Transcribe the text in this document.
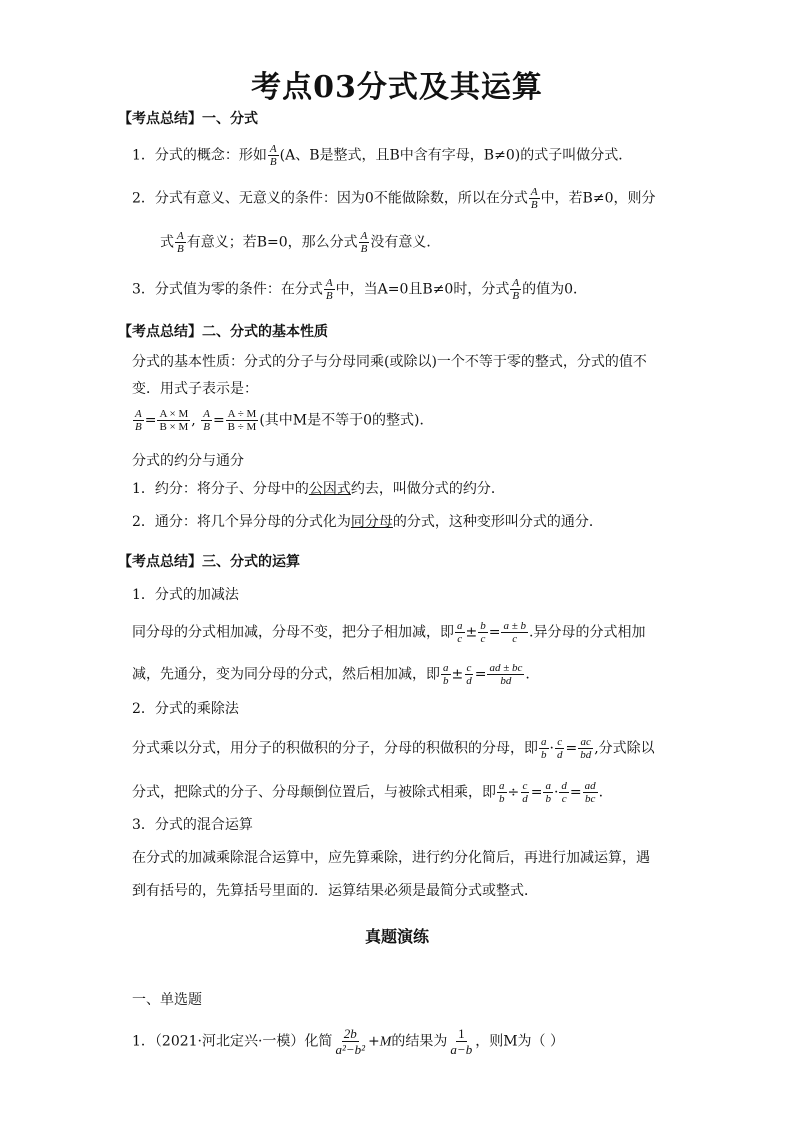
考点03分式及其运算
【考点总结】一、分式
1．分式的概念：形如 $\frac{A}{B} (A$、B是整式，且B中含有字母，B≠0)的式子叫做分式．
2．分式有意义、无意义的条件：因为0不能做除数，所以在分式 $\frac{A}{B}$ 中，若B≠0，则分
式 $\frac{A}{B}$ 有意义；若B=0，那么分式 $\frac{A}{B}$ 没有意义．
3．分式值为零的条件：在分式 $\frac{A}{B}$ 中，当A=0且B≠0时，分式 $\frac{A}{B}$ 的值为0．
【考点总结】二、分式的基本性质
分式的基本性质：分式的分子与分母同乘(或除以)一个不等于零的整式，分式的值不
变．用式子表示是：
$\frac{A}{B} = \frac{A \times M}{B \times M}$ , $\frac{A}{B} = \frac{A \div M}{B \div M}$ (其中M是不等于0的整式)．
分式的约分与通分
1．约分：将分子、分母中的公因式约去，叫做分式的约分．
2．通分：将几个异分母的分式化为同分母的分式，这种变形叫分式的通分．
【考点总结】三、分式的运算
1．分式的加减法
同分母的分式相加减，分母不变，把分子相加减，即 $\frac{a}{c} \pm \frac{b}{c} = \frac{a \pm b}{c}$ .异分母的分式相加
减，先通分，变为同分母的分式，然后相加减，即 $\frac{a}{b} \pm \frac{c}{d} = \frac{ad \pm bc}{bd}$ .
2．分式的乘除法
分式乘以分式，用分子的积做积的分子，分母的积做积的分母，即 $\frac{a}{b} \cdot \frac{c}{d} = \frac{ac}{bd}$ ,分式除以
分式，把除式的分子、分母颠倒位置后，与被除式相乘，即 $\frac{a}{b} \div \frac{c}{d} = \frac{a}{b} \cdot \frac{d}{c} = \frac{ad}{bc}$ .
3．分式的混合运算
在分式的加减乘除混合运算中，应先算乘除，进行约分化简后，再进行加减运算，遇
到有括号的，先算括号里面的．运算结果必须是最简分式或整式．
真题演练
一、单选题
1．（2021·河北定兴·一模）化简 $\frac{2b}{\text{a²−b²}} +M$的结果为 $\frac{1}{a-b}$ ，则M为（ ）
